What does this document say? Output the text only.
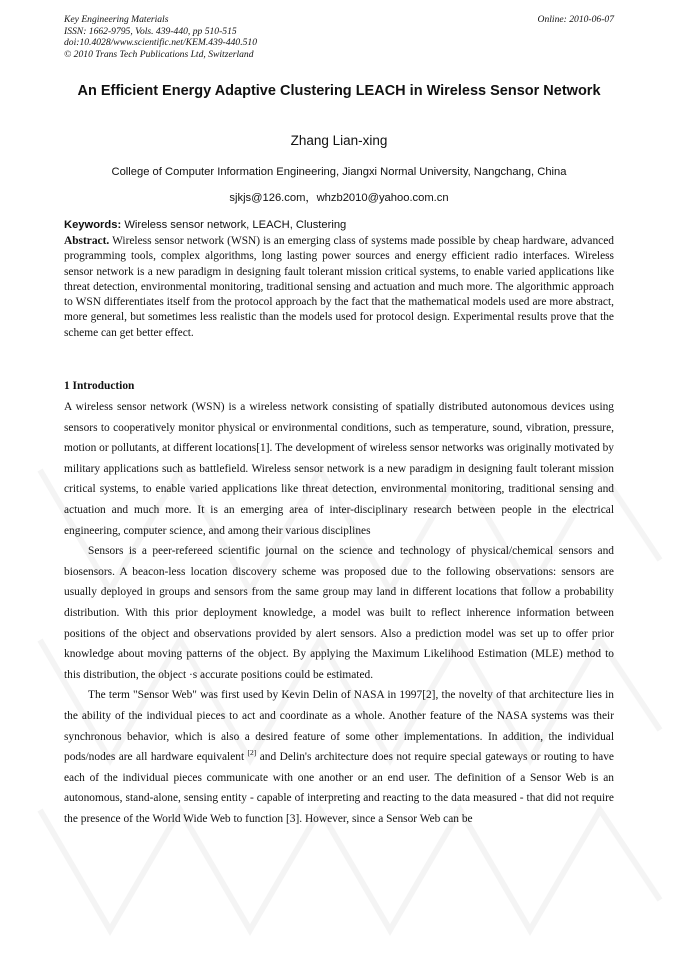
Key Engineering Materials
ISSN: 1662-9795, Vols. 439-440, pp 510-515
doi:10.4028/www.scientific.net/KEM.439-440.510
© 2010 Trans Tech Publications Ltd, Switzerland
Online: 2010-06-07
An Efficient Energy Adaptive Clustering LEACH in Wireless Sensor Network
Zhang Lian-xing
College of Computer Information Engineering, Jiangxi Normal University, Nangchang, China
sjkjs@126.com，whzb2010@yahoo.com.cn
Keywords: Wireless sensor network, LEACH, Clustering
Abstract. Wireless sensor network (WSN) is an emerging class of systems made possible by cheap hardware, advanced programming tools, complex algorithms, long lasting power sources and energy efficient radio interfaces. Wireless sensor network is a new paradigm in designing fault tolerant mission critical systems, to enable varied applications like threat detection, environmental monitoring, traditional sensing and actuation and much more. The algorithmic approach to WSN differentiates itself from the protocol approach by the fact that the mathematical models used are more abstract, more general, but sometimes less realistic than the models used for protocol design. Experimental results prove that the scheme can get better effect.
1 Introduction

A wireless sensor network (WSN) is a wireless network consisting of spatially distributed autonomous devices using sensors to cooperatively monitor physical or environmental conditions, such as temperature, sound, vibration, pressure, motion or pollutants, at different locations[1]. The development of wireless sensor networks was originally motivated by military applications such as battlefield. Wireless sensor network is a new paradigm in designing fault tolerant mission critical systems, to enable varied applications like threat detection, environmental monitoring, traditional sensing and actuation and much more. It is an emerging area of inter-disciplinary research between people in the electrical engineering, computer science, and among their various disciplines

Sensors is a peer-refereed scientific journal on the science and technology of physical/chemical sensors and biosensors. A beacon-less location discovery scheme was proposed due to the following observations: sensors are usually deployed in groups and sensors from the same group may land in different locations that follow a probability distribution. With this prior deployment knowledge, a model was built to reflect inherence information between positions of the object and observations provided by alert sensors. Also a prediction model was set up to offer prior knowledge about moving patterns of the object. By applying the Maximum Likelihood Estimation (MLE) method to this distribution, the object ·s accurate positions could be estimated.

The term "Sensor Web" was first used by Kevin Delin of NASA in 1997[2], the novelty of that architecture lies in the ability of the individual pieces to act and coordinate as a whole. Another feature of the NASA systems was their synchronous behavior, which is also a desired feature of some other implementations. In addition, the individual pods/nodes are all hardware equivalent [2] and Delin's architecture does not require special gateways or routing to have each of the individual pieces communicate with one another or an end user. The definition of a Sensor Web is an autonomous, stand-alone, sensing entity - capable of interpreting and reacting to the data measured - that did not require the presence of the World Wide Web to function [3]. However, since a Sensor Web can be
